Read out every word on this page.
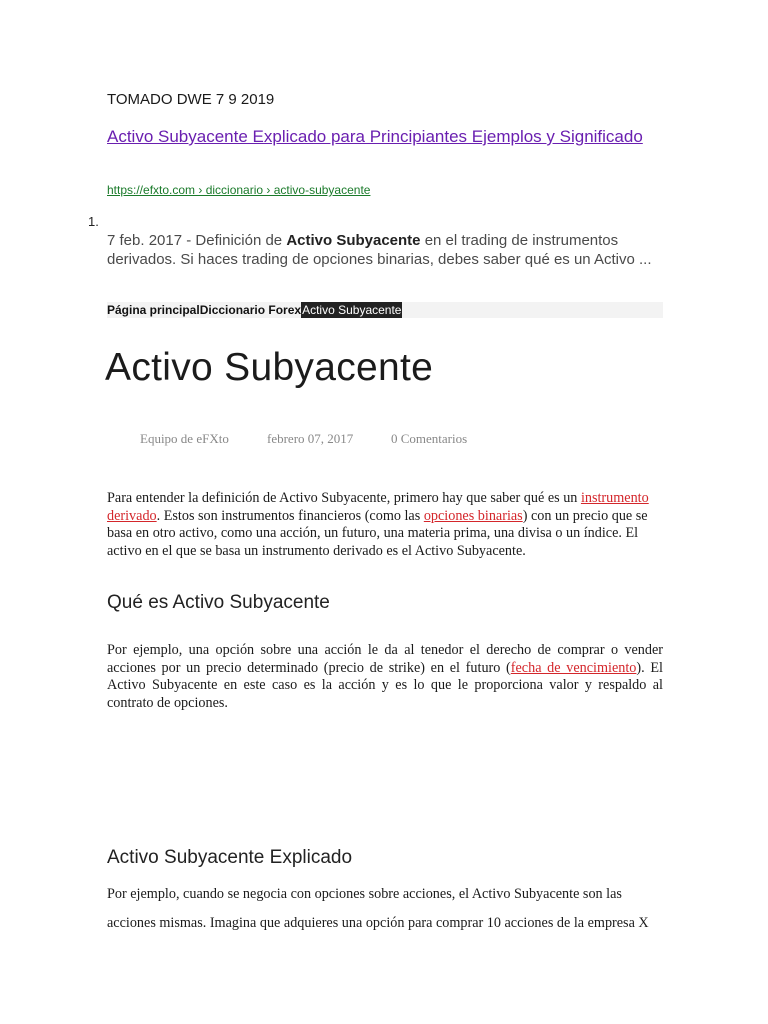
TOMADO DWE 7 9 2019
Activo Subyacente Explicado para Principiantes Ejemplos y Significado
https://efxto.com › diccionario › activo-subyacente
1.
7 feb. 2017 - Definición de Activo Subyacente en el trading de instrumentos derivados. Si haces trading de opciones binarias, debes saber qué es un Activo ...
Página principal Diccionario Forex Activo Subyacente
Activo Subyacente
Equipo de eFXto	febrero 07, 2017	0 Comentarios

Para entender la definición de Activo Subyacente, primero hay que saber qué es un instrumento derivado. Estos son instrumentos financieros (como las opciones binarias) con un precio que se basa en otro activo, como una acción, un futuro, una materia prima, una divisa o un índice. El activo en el que se basa un instrumento derivado es el Activo Subyacente.

Qué es Activo Subyacente

Por ejemplo, una opción sobre una acción le da al tenedor el derecho de comprar o vender acciones por un precio determinado (precio de strike) en el futuro (fecha de vencimiento). El Activo Subyacente en este caso es la acción y es lo que le proporciona valor y respaldo al contrato de opciones.

Activo Subyacente Explicado

Por ejemplo, cuando se negocia con opciones sobre acciones, el Activo Subyacente son las acciones mismas. Imagina que adquieres una opción para comprar 10 acciones de la empresa X
